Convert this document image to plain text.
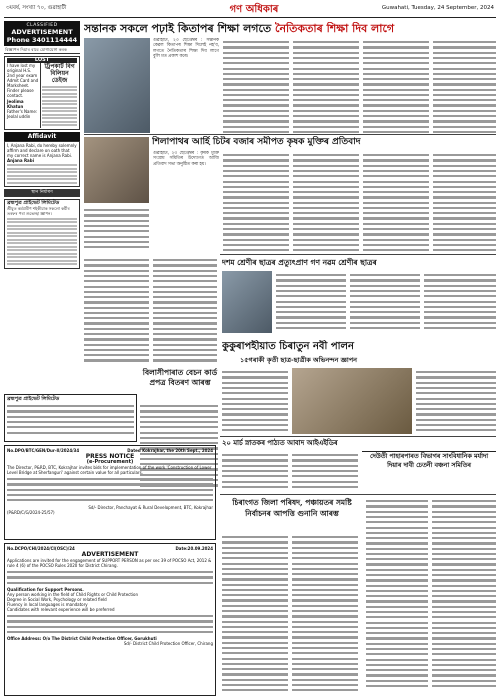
৩য়বৰ্ষ, সংখ্যা ৭০, গুৱাহাটী	গণ অধিকাৰ	Guwahati, Tuesday, 24 September, 2024
CLASSIFIED
ADVERTISEMENT
Phone 3401114444
বিজ্ঞাপন দিয়াৰ বাবে যোগাযোগ কৰক
LOST
I have lost my original H.S. 2nd year exam Admit Card and Marksheet. Finder please contact.
Jeolima Khatun
Father's Name: Jeolal uddin
ট্ৰিপকাৰ্ট বিগ বিলিয়ন ডেইজ
Affidavit
I, Anjana Rabi, do hereby solemnly affirm and declare on oath that my correct name is Anjana Rabi.
Anjana Rabi
স্থান নিৰ্ধাৰণ
ব্ৰহ্মপুত্ৰ প্ৰাইভেট লিমিটেড
শ্ৰীযুত কৰ্মপ্ৰবীণ শইকীয়াক সকলো কৰ্মীৰ তৰফৰ পৰা শুভেচ্ছা জ্ঞাপন।
সন্তানক সকলে পঢ়াই কিতাপৰ শিক্ষা লগতে নৈতিকতাৰ শিক্ষা দিব লাগে
গুৱাহাটী, ২৩ ছেপ্তেম্বৰ : সন্তানক কেৱল কিতাপৰ শিক্ষা দিলেই নহ'ব, লগতে নৈতিকতাৰ শিক্ষা দিব লাগে বুলি মত প্ৰকাশ কৰে।
শিলাপাথৰ আৰ্হি চিটৰ বজাৰ সমীপত কৃষক মুক্তিৰ প্ৰতিবাদ
গুৱাহাটী, ২৩ ছেপ্তেম্বৰ : কৃষক মুক্তি সংগ্ৰাম সমিতিৰ উদ্যোগত আজি প্ৰতিবাদ সভা অনুষ্ঠিত কৰা হয়।
দশম শ্ৰেণীৰ ছাত্ৰৰ প্ৰত্যুৎপ্ৰাণ গণ নৱম শ্ৰেণীৰ ছাত্ৰৰ
কুকুৰাপহীয়াত চিৰাতুন নবী পালন
১৫গৰাকী কৃতী ছাত্ৰ-ছাত্ৰীক অভিনন্দন জ্ঞাপন
বিলাসীপাৰাত বেচন কাৰ্ড প্ৰপত্ৰ বিতৰণ আৰম্ভ
ব্ৰহ্মপুত্ৰ প্ৰাইভেট লিমিটেড
No.DPO/BTC/GEN/Dur-II/2024/34	Dated Kokrajhar, the 20th Sept., 2024
PRESS NOTICE
(e-Procurement)
The Director, P&RD, BTC, Kokrajhar invites bids for implementation of the work 'Construction of Lower Level Bridge at Sherfanguri' against certain value for all particulars.
Sd/- Director, Panchayat & Rural Development, BTC, Kokrajhar
(P&RD/C/G/2024-25/57)
No.DCPO/CHI/2024/CI(OSC)/24	Date:20.09.2024
ADVERTISEMENT
Applications are invited for the engagement of SUPPORT PERSON as per sec 39 of POCSO Act, 2012 & rule 4 (6) of the POCSO Rules 2020 for District Chirang.
Qualification for Support Persons.
Any person working in the field of Child Rights or Child Protection
Degree in Social Work, Psychology or related field
Fluency in local languages is mandatory
Candidates with relevant experience will be preferred
Office Address: O/o The District Child Protection Officer, Gorukhuti
Sd/- District Child Protection Officer, Chirang
২০ মাৰ্চ স্নাতকৰ পাঠ্যত আবাদ আইএইডিৰ
দেউতী পাহাৰপাৰত বিভাগৰ সাংবিধানিক মৰ্যাদা দিয়াৰ দাবী চেতনী বঞ্চনা সমিতিৰ
চিৰাংগত জিলা পৰিষদ, পঞ্চায়তৰ সমষ্টি নিৰ্বাচনৰ আপত্তি গুনানি আৰম্ভ
